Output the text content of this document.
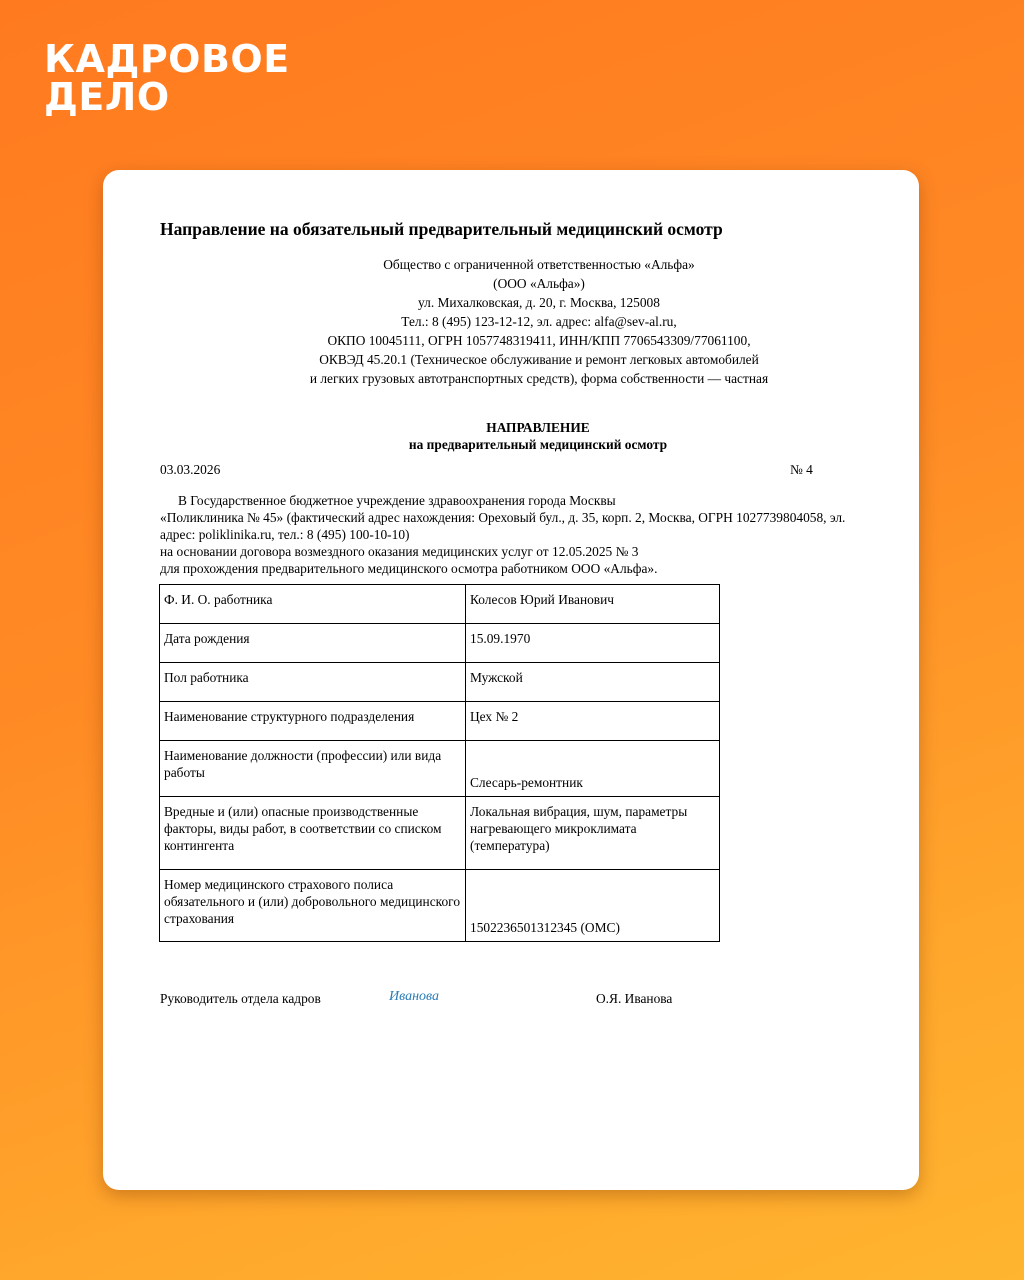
КАДРОВОЕ
ДЕЛО
Направление на обязательный предварительный медицинский осмотр
Общество с ограниченной ответственностью «Альфа»
(ООО «Альфа»)
ул. Михалковская, д. 20, г. Москва, 125008
Тел.: 8 (495) 123-12-12, эл. адрес: alfa@sev-al.ru,
ОКПО 10045111, ОГРН 1057748319411, ИНН/КПП 7706543309/77061100,
ОКВЭД 45.20.1 (Техническое обслуживание и ремонт легковых автомобилей
и легких грузовых автотранспортных средств), форма собственности — частная
НАПРАВЛЕНИЕ
на предварительный медицинский осмотр
03.03.2026	№ 4
В Государственное бюджетное учреждение здравоохранения города Москвы
«Поликлиника № 45» (фактический адрес нахождения: Ореховый бул., д. 35, корп. 2, Москва, ОГРН 1027739804058, эл.
адрес: poliklinika.ru, тел.: 8 (495) 100-10-10)
на основании договора возмездного оказания медицинских услуг от 12.05.2025 № 3
для прохождения предварительного медицинского осмотра работником ООО «Альфа».
Ф. И. О. работника	Колесов Юрий Иванович
Дата рождения	15.09.1970
Пол работника	Мужской
Наименование структурного подразделения	Цех № 2
Наименование должности (профессии) или вида работы	Слесарь-ремонтник
Вредные и (или) опасные производственные факторы, виды работ, в соответствии со списком контингента	Локальная вибрация, шум, параметры нагревающего микроклимата (температура)
Номер медицинского страхового полиса обязательного и (или) добровольного медицинского страхования	1502236501312345 (ОМС)
Руководитель отдела кадров	Иванова	О.Я. Иванова
